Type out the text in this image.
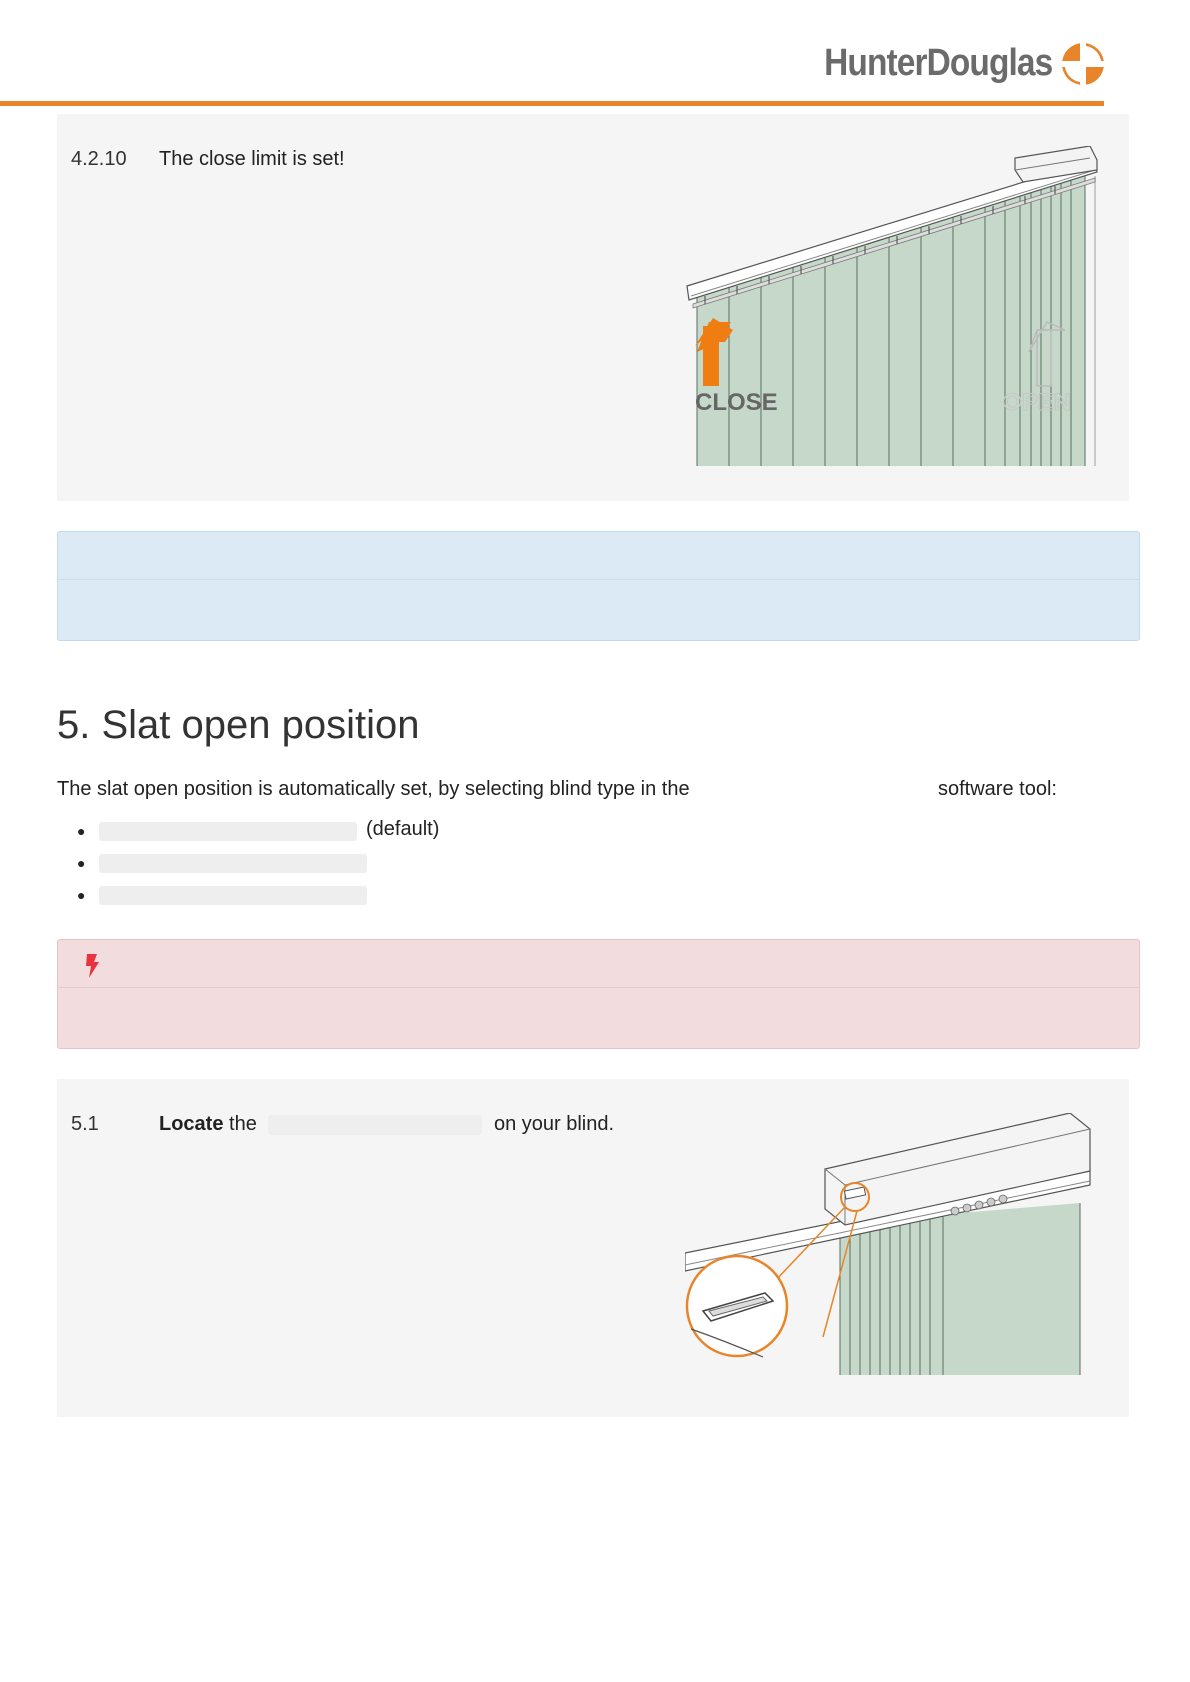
HunterDouglas
4.2.10 The close limit is set!
CLOSE	OPEN
5. Slat open position
The slat open position is automatically set, by selecting blind type in the	software tool:
●	(default)
●
●
5.1	Locate the	on your blind.
